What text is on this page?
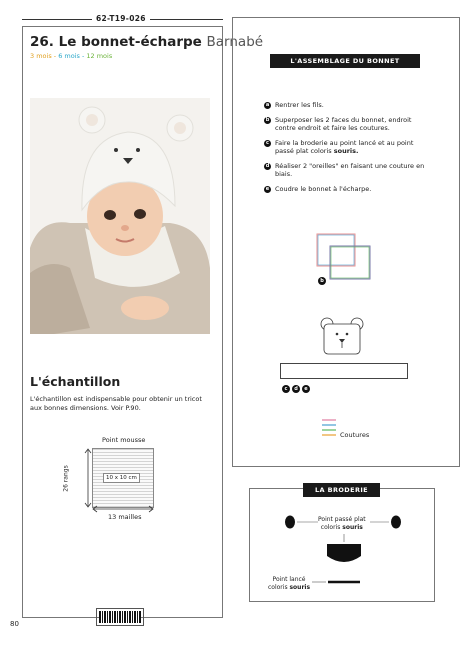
62-T19-026
26. Le bonnet-écharpe Barnabé
3 mois - 6 mois - 12 mois
L'échantillon
L'échantillon est indispensable pour obtenir un tricot aux bonnes dimensions. Voir P.90.
Point mousse
10 x 10 cm
26 rangs
13 mailles
80
L'ASSEMBLAGE DU BONNET
a Rentrer les fils.
b Superposer les 2 faces du bonnet, endroit contre endroit et faire les coutures.
c Faire la broderie au point lancé et au point passé plat coloris souris.
d Réaliser 2 "oreilles" en faisant une couture en biais.
e Coudre le bonnet à l'écharpe.
b
c	d	e
Coutures
LA BRODERIE
Point passé plat
coloris souris
Point lancé
coloris souris
